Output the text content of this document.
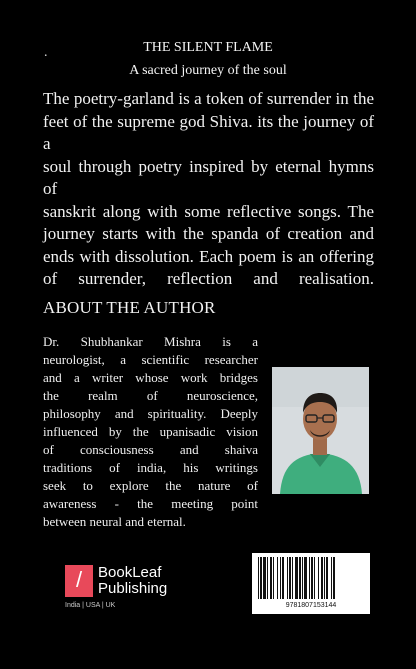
.	THE SILENT FLAME
A sacred journey of the soul
The poetry-garland is a token of surrender in the
feet of the supreme god Shiva. its the journey of a
soul through poetry inspired by eternal hymns of
sanskrit along with some reflective songs. The
journey starts with the spanda of creation and
ends with dissolution. Each poem is an offering
of surrender, reflection and realisation.
ABOUT THE AUTHOR
Dr. Shubhankar Mishra is a
neurologist, a scientific researcher
and a writer whose work bridges
the realm of neuroscience,
philosophy and spirituality. Deeply
influenced by the upanisadic vision
of consciousness and shaiva
traditions of india, his writings
seek to explore the nature of
awareness - the meeting point
between neural and eternal.
/	BookLeaf
Publishing
India | USA | UK	9781807153144
